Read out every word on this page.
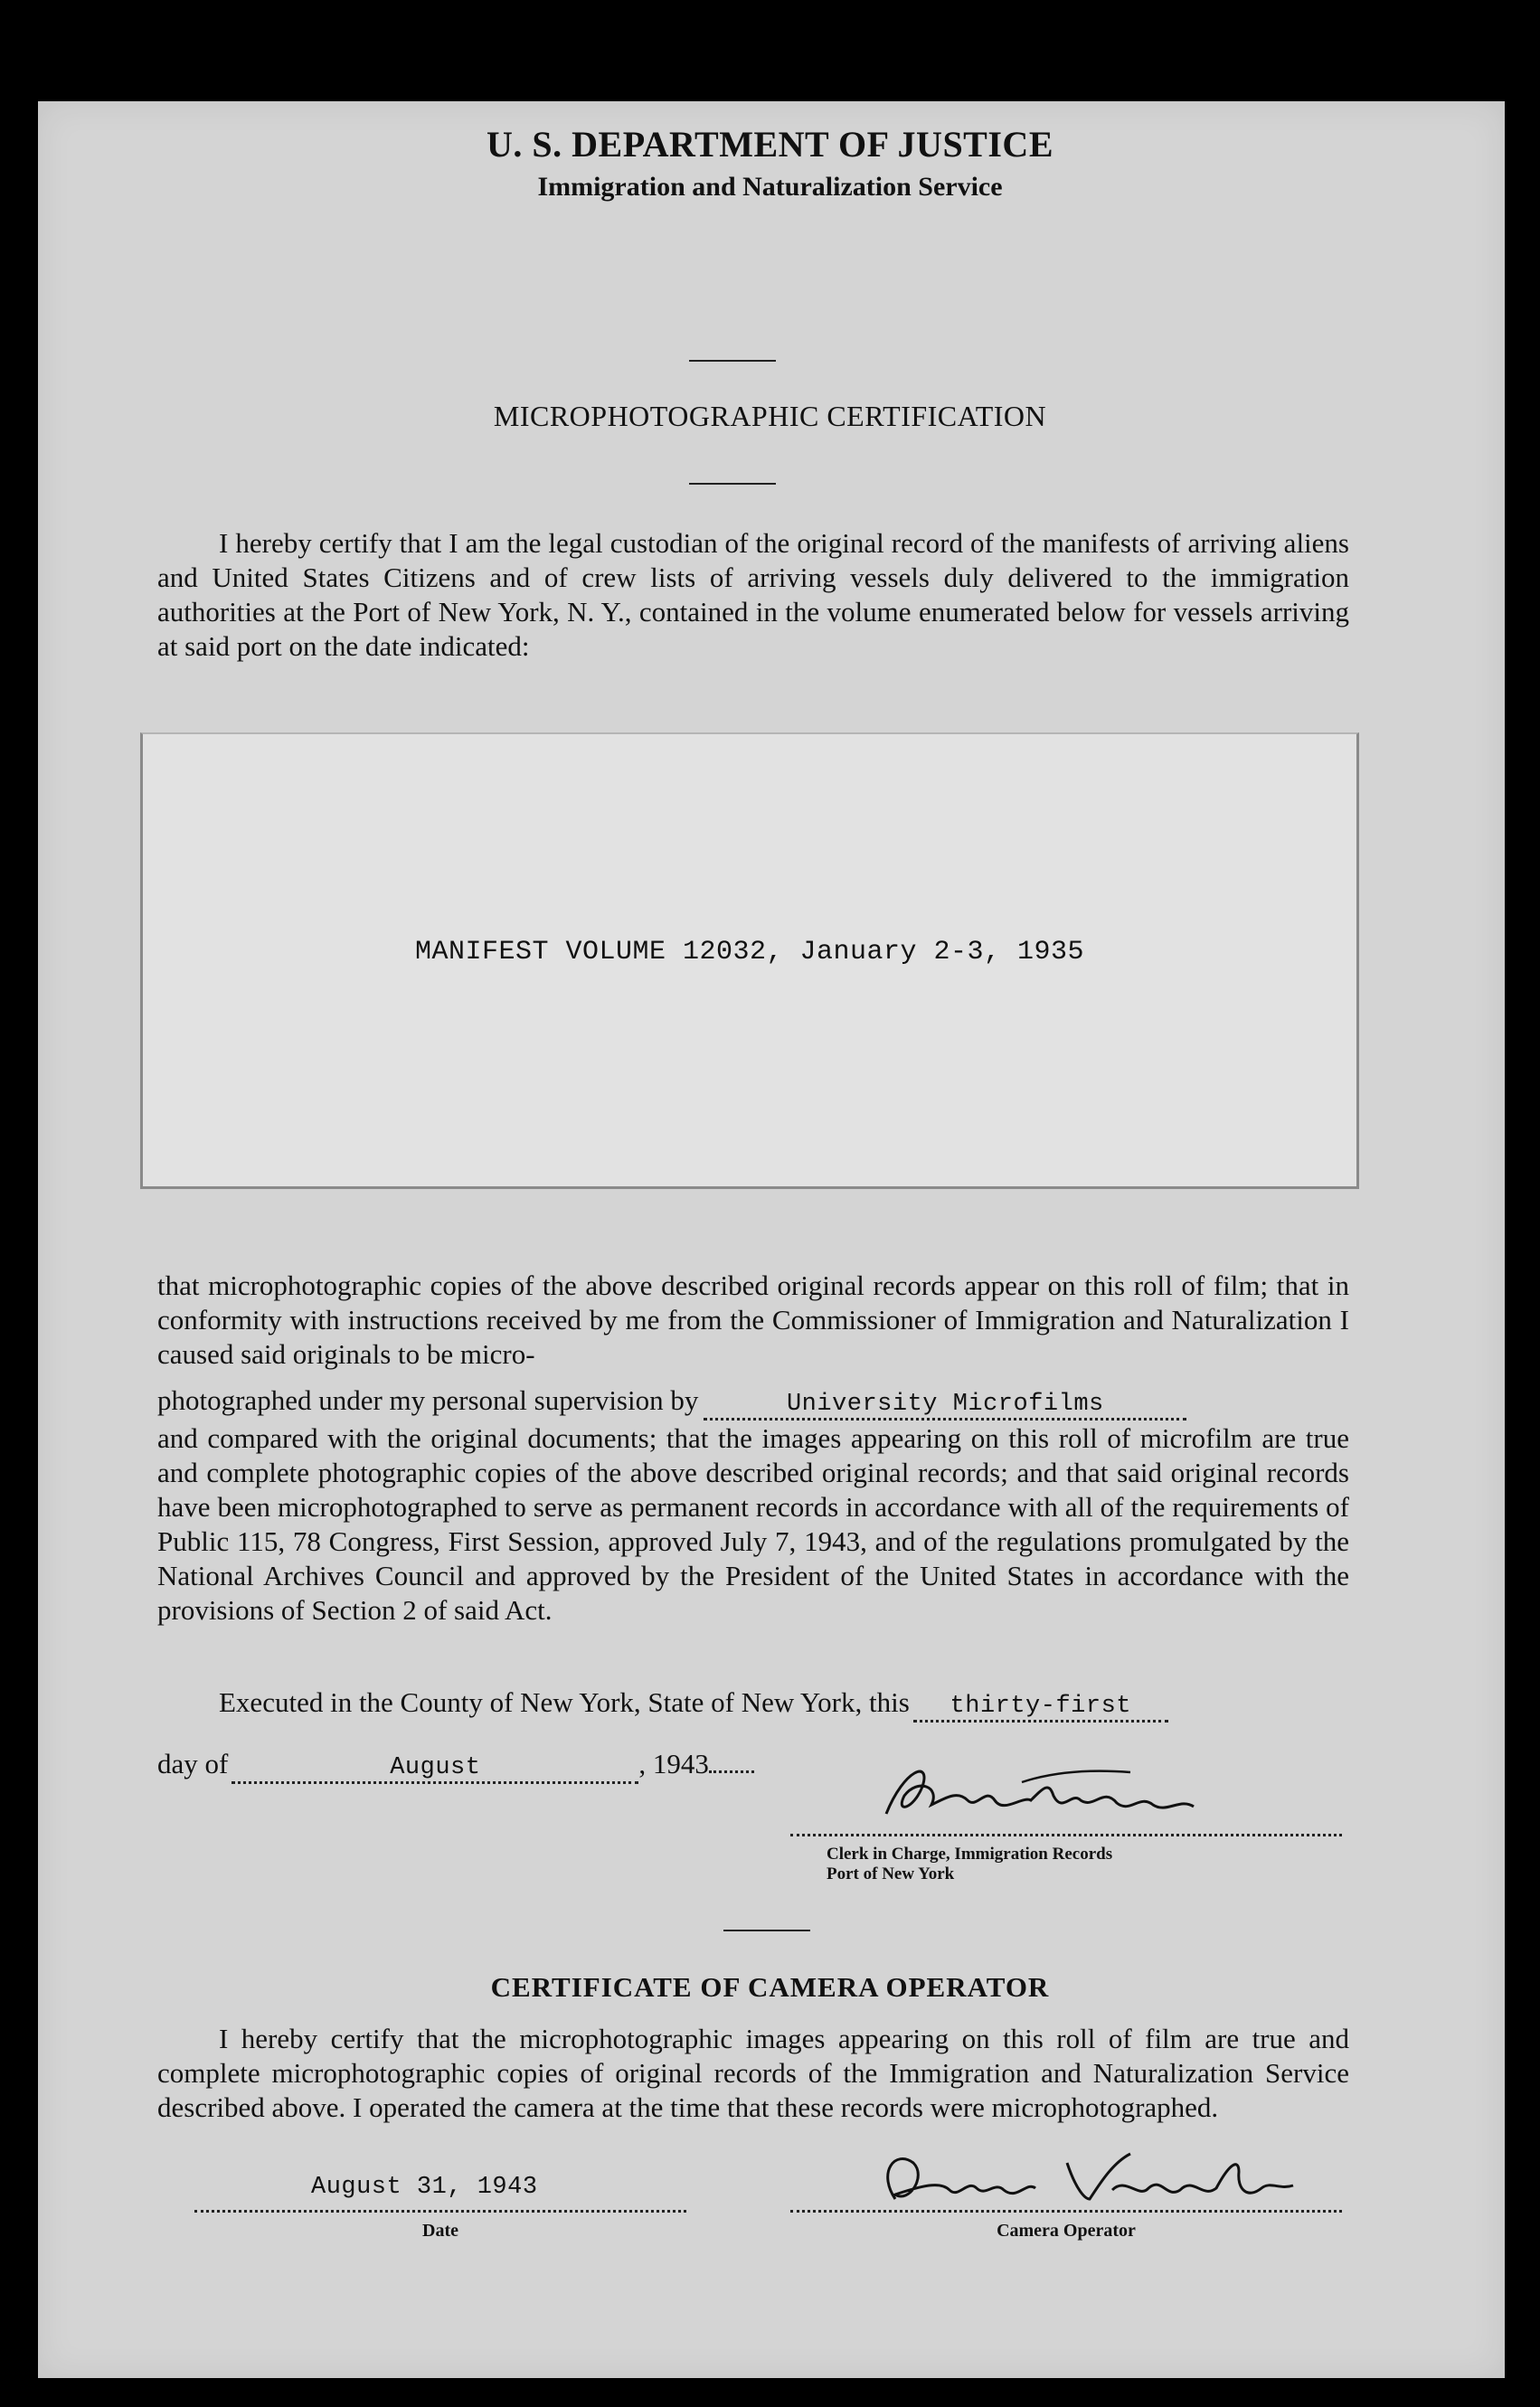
U. S. DEPARTMENT OF JUSTICE
Immigration and Naturalization Service
MICROPHOTOGRAPHIC CERTIFICATION
I hereby certify that I am the legal custodian of the original record of the manifests of arriving aliens and United States Citizens and of crew lists of arriving vessels duly delivered to the immigration authorities at the Port of New York, N. Y., contained in the volume enumerated below for vessels arriving at said port on the date indicated:
MANIFEST VOLUME 12032, January 2-3, 1935
that microphotographic copies of the above described original records appear on this roll of film; that in conformity with instructions received by me from the Commissioner of Immigration and Naturalization I caused said originals to be micro-
photographed under my personal supervision by	University Microfilms
and compared with the original documents; that the images appearing on this roll of microfilm are true and complete photographic copies of the above described original records; and that said original records have been microphotographed to serve as permanent records in accordance with all of the requirements of Public 115, 78 Congress, First Session, approved July 7, 1943, and of the regulations promulgated by the National Archives Council and approved by the President of the United States in accordance with the provisions of Section 2 of said Act.
Executed in the County of New York, State of New York, this thirty-first
day of	August	, 1943
Clerk in Charge, Immigration Records
Port of New York
CERTIFICATE OF CAMERA OPERATOR
I hereby certify that the microphotographic images appearing on this roll of film are true and complete microphotographic copies of original records of the Immigration and Naturalization Service described above. I operated the camera at the time that these records were microphotographed.
August 31, 1943
Date	Camera Operator
